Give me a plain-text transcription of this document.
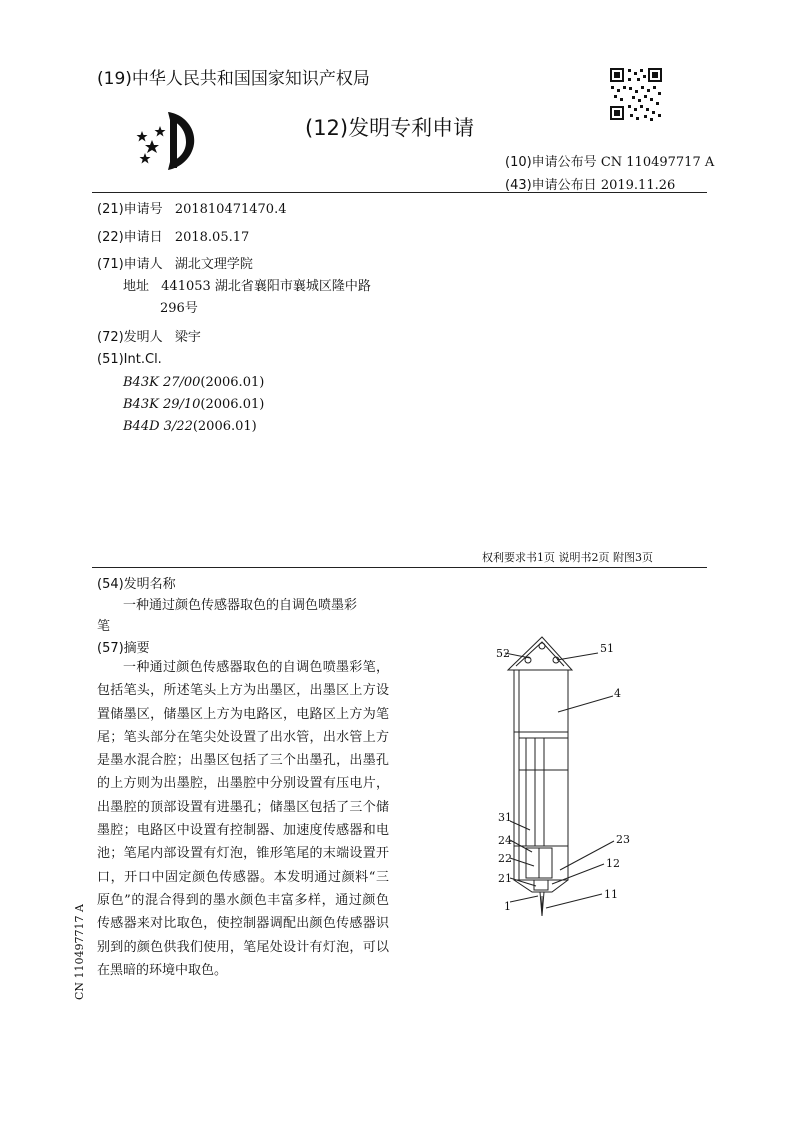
(19)中华人民共和国国家知识产权局
(12)发明专利申请
(10)申请公布号 CN 110497717 A
(43)申请公布日 2019.11.26
(21)申请号 201810471470.4
(22)申请日 2018.05.17
(71)申请人 湖北文理学院
地址 441053 湖北省襄阳市襄城区隆中路
296号
(72)发明人 梁宇
(51)Int.Cl.
B43K 27/00(2006.01)
B43K 29/10(2006.01)
B44D 3/22(2006.01)
权利要求书1页 说明书2页 附图3页
(54)发明名称
一种通过颜色传感器取色的自调色喷墨彩
笔
(57)摘要
一种通过颜色传感器取色的自调色喷墨彩笔，包括笔头，所述笔头上方为出墨区，出墨区上方设置储墨区，储墨区上方为电路区，电路区上方为笔尾；笔头部分在笔尖处设置了出水管，出水管上方是墨水混合腔；出墨区包括了三个出墨孔，出墨孔的上方则为出墨腔，出墨腔中分别设置有压电片，出墨腔的顶部设置有进墨孔；储墨区包括了三个储墨腔；电路区中设置有控制器、加速度传感器和电池；笔尾内部设置有灯泡，锥形笔尾的末端设置开口，开口中固定颜色传感器。本发明通过颜料“三原色”的混合得到的墨水颜色丰富多样，通过颜色传感器来对比取色，使控制器调配出颜色传感器识别到的颜色供我们使用，笔尾处设计有灯泡，可以在黑暗的环境中取色。
CN 110497717 A
52	51
4
31
23
24
22	12
21
1
11
